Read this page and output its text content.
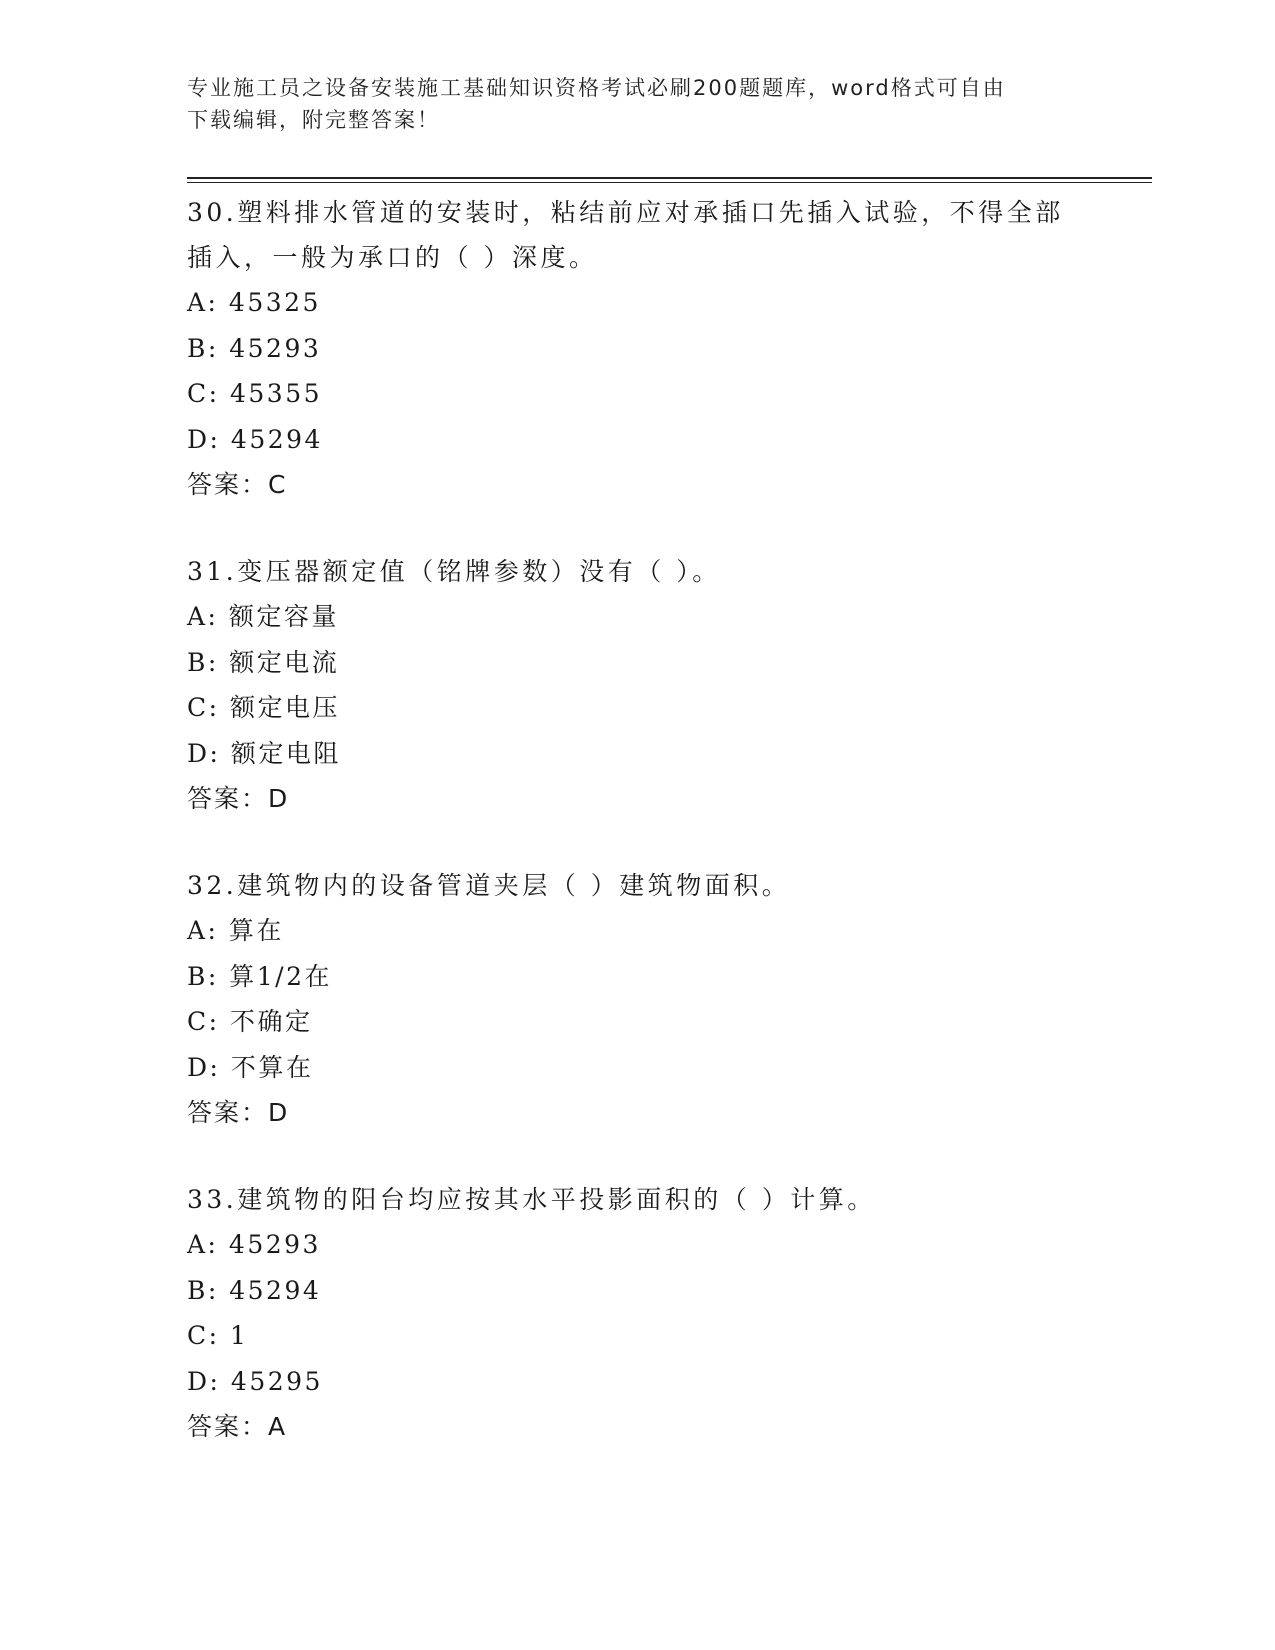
专业施工员之设备安装施工基础知识资格考试必刷200题题库，word格式可自由
下载编辑，附完整答案！

30.塑料排水管道的安装时，粘结前应对承插口先插入试验，不得全部

插入，一般为承口的（ ）深度。

A: 45325

B: 45293

C: 45355

D: 45294

答案：C

31.变压器额定值（铭牌参数）没有（ ）。

A: 额定容量

B: 额定电流

C: 额定电压

D: 额定电阻

答案：D

32.建筑物内的设备管道夹层（ ）建筑物面积。

A: 算在

B: 算1/2在

C: 不确定

D: 不算在

答案：D

33.建筑物的阳台均应按其水平投影面积的（ ）计算。

A: 45293

B: 45294

C: 1

D: 45295

答案：A
